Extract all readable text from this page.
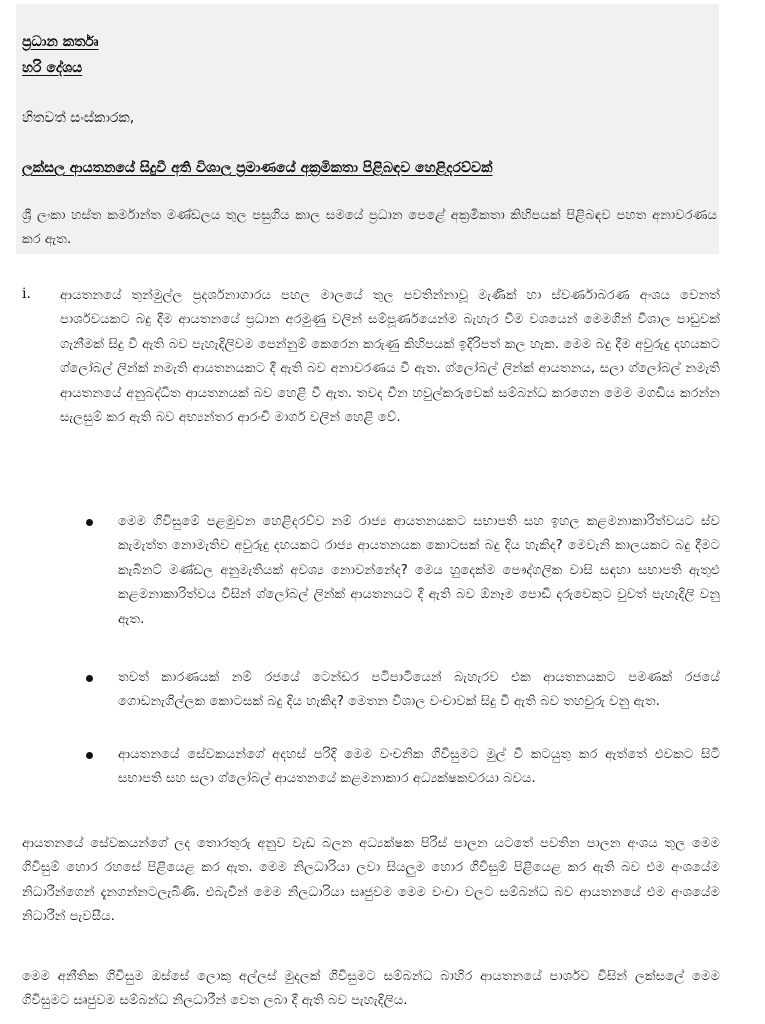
ප්‍රධාන කර්තෘ

හරි දේශය

හිතවත් සංස්කාරක,

ලක්සල ආයතනයේ සිදුවී අති විශාල ප්‍රමාණයේ අක්‍රමිකතා පිළිබඳව හෙළිදරව්වක්

ශ්‍රී ලංකා හස්ත කර්මාන්ත මණ්ඩලය තුල පසුගිය කාල සමයේ ප්‍රධාන පෙළේ අක්‍රමිකතා කිහිපයක් පිළිබඳව පහත අනාවරණය කර ඇත.

i. ආයතනයේ තුන්මුල්ල ප්‍රදර්ශනාගාරය පහල මාලයේ තුල පවතින්නාවූ මැණික් හා ස්වර්ණාබරණ අංශය වෙනත් පාර්ශවයකට බදු දීම ආයතනයේ ප්‍රධාන අරමුණු වලින් සම්පූර්ණයෙන්ම බැහැර වීම වශයෙන් මෙමගින් විශාල පාඩුවක් ගැනීමක් සිදු වී ඇති බව පැහැදිලිවම පෙන්නුම් කෙරෙන කරුණු කිහිපයක් ඉදිරිපත් කල හැක. මෙම බදු දීම අවුරුදු දහයකට ග්ලෝබල් ලින්ක් නමැති ආයතනයකට දී ඇති බව අනාවරණය වී ඇත. ග්ලෝබල් ලින්ක් ආයතනය, සලා ග්ලෝබල් නමැති ආයතනයේ අනුබද්ධිත ආයතනයක් බව හෙළි වී ඇත. තවද චීන හවුල්කරුවෙක් සම්බන්ධ කරගෙන මෙම මගඩිය කරන්න සැලසුම් කර ඇති බව අභ්‍යන්තර ආරංචි මාර්ග වලින් හෙළි වේ.

මෙම ගිවිසුමේ පළමුවන හෙළිදරව්ව නම් රාජ්‍ය ආයතනයකට සභාපති සහ ඉහල කළමනාකාරිත්වයට ස්ව කැමැත්ත නොමැතිව අවුරුදු දහයකට රාජ්‍ය ආයතනයක කොටසක් බදු දිය හැකිද? මෙවැනි කාලයකට බදු දීමට කැබිනට් මණ්ඩල අනුමැතියක් අවශ්‍ය නොවන්නේද? මෙය හුදෙක්ම පෞද්ගලික වාසි සඳහා සභාපති ඇතුළු කළමනාකාරිත්වය විසින් ග්ලෝබල් ලින්ක් ආයතනයට දී ඇති බව ඕනෑම පොඩි දරුවෙකුට වුවත් පැහැදිලි වනු ඇත.

තවත් කාරණයක් නම් රජයේ ටෙන්ඩර පටිපාටියෙන් බැහැරව එක ආයතනයකට පමණක් රජයේ ගොඩනැගිල්ලක කොටසක් බදු දිය හැකිද? මෙතන විශාල වංචාවක් සිදු වී ඇති බව තහවුරු වනු ඇත.

ආයතනයේ සේවකයන්ගේ අදහස් පරිදි මෙම වංචනික ගිවිසුමට මුල් වී කටයුතු කර ඇත්තේ එවකට සිටි සභාපති සහ සලා ග්ලෝබල් ආයතනයේ කළමනාකාර අධ්‍යක්ෂකවරයා බවය.

ආයතනයේ සේවකයන්ගේ ලද තොරතුරු අනුව වැඩ බලන අධ්‍යක්ෂක පිරිස් පාලන යටතේ පවතින පාලන අංශය තුල මෙම ගිවිසුම් හොර රහසේ පිළියෙළ කර ඇත. මෙම නිලධාරියා ලවා සියලුම හොර ගිවිසුම් පිළියෙළ කර ඇති බව එම අංශයේම නිධාරීන්ගෙන් දැනගන්නටලැබිණි. එබැවින් මෙම නිලධාරියා සෘජුවම මෙම වංචා වලට සම්බන්ධ බව ආයතනයේ එම අංශයේම නිධාරීන් පැවසීය.

මෙම අනීතික ගිවිසුම ඔස්සේ ලොකු අල්ලස් මුදලක් ගිවිසුමට සම්බන්ධ බාහිර ආයතනයේ පාර්ශව විසින් ලක්සලේ මෙම ගිවිසුමට සෘජුවම සම්බන්ධ නිලධාරීන් වෙත ලබා දී ඇති බව පැහැදිලිය.
